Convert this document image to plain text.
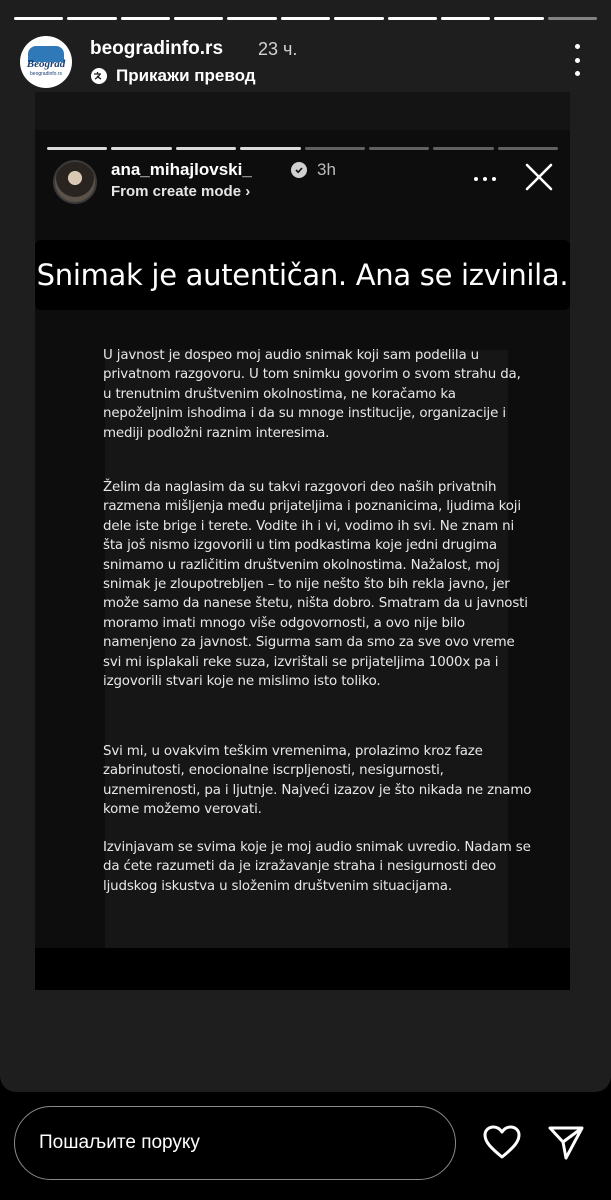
Beograd
beogradinfo.rs
beogradinfo.rs 23 ч.
Прикажи превод
ana_mihajlovski_	3h
From create mode ›
Snimak je autentičan. Ana se izvinila.

U javnost je dospeo moj audio snimak koji sam podelila u privatnom razgovoru. U tom snimku govorim o svom strahu da, u trenutnim društvenim okolnostima, ne koračamo ka nepoželjnim ishodima i da su mnoge institucije, organizacije i mediji podložni raznim interesima.

Želim da naglasim da su takvi razgovori deo naših privatnih razmena mišljenja među prijateljima i poznanicima, ljudima koji dele iste brige i terete. Vodite ih i vi, vodimo ih svi. Ne znam ni šta još nismo izgovorili u tim podkastima koje jedni drugima snimamo u različitim društvenim okolnostima. Nažalost, moj snimak je zloupotrebljen – to nije nešto što bih rekla javno, jer može samo da nanese štetu, ništa dobro. Smatram da u javnosti moramo imati mnogo više odgovornosti, a ovo nije bilo namenjeno za javnost. Sigurma sam da smo za sve ovo vreme svi mi isplakali reke suza, izvrištali se prijateljima 1000x pa i izgovorili stvari koje ne mislimo isto toliko.

Svi mi, u ovakvim teškim vremenima, prolazimo kroz faze zabrinutosti, enocionalne iscrpljenosti, nesigurnosti, uznemirenosti, pa i ljutnje. Najveći izazov je što nikada ne znamo kome možemo verovati.

Izvinjavam se svima koje je moj audio snimak uvredio. Nadam se da ćete razumeti da je izražavanje straha i nesigurnosti deo ljudskog iskustva u složenim društvenim situacijama.

Пошаљите поруку
